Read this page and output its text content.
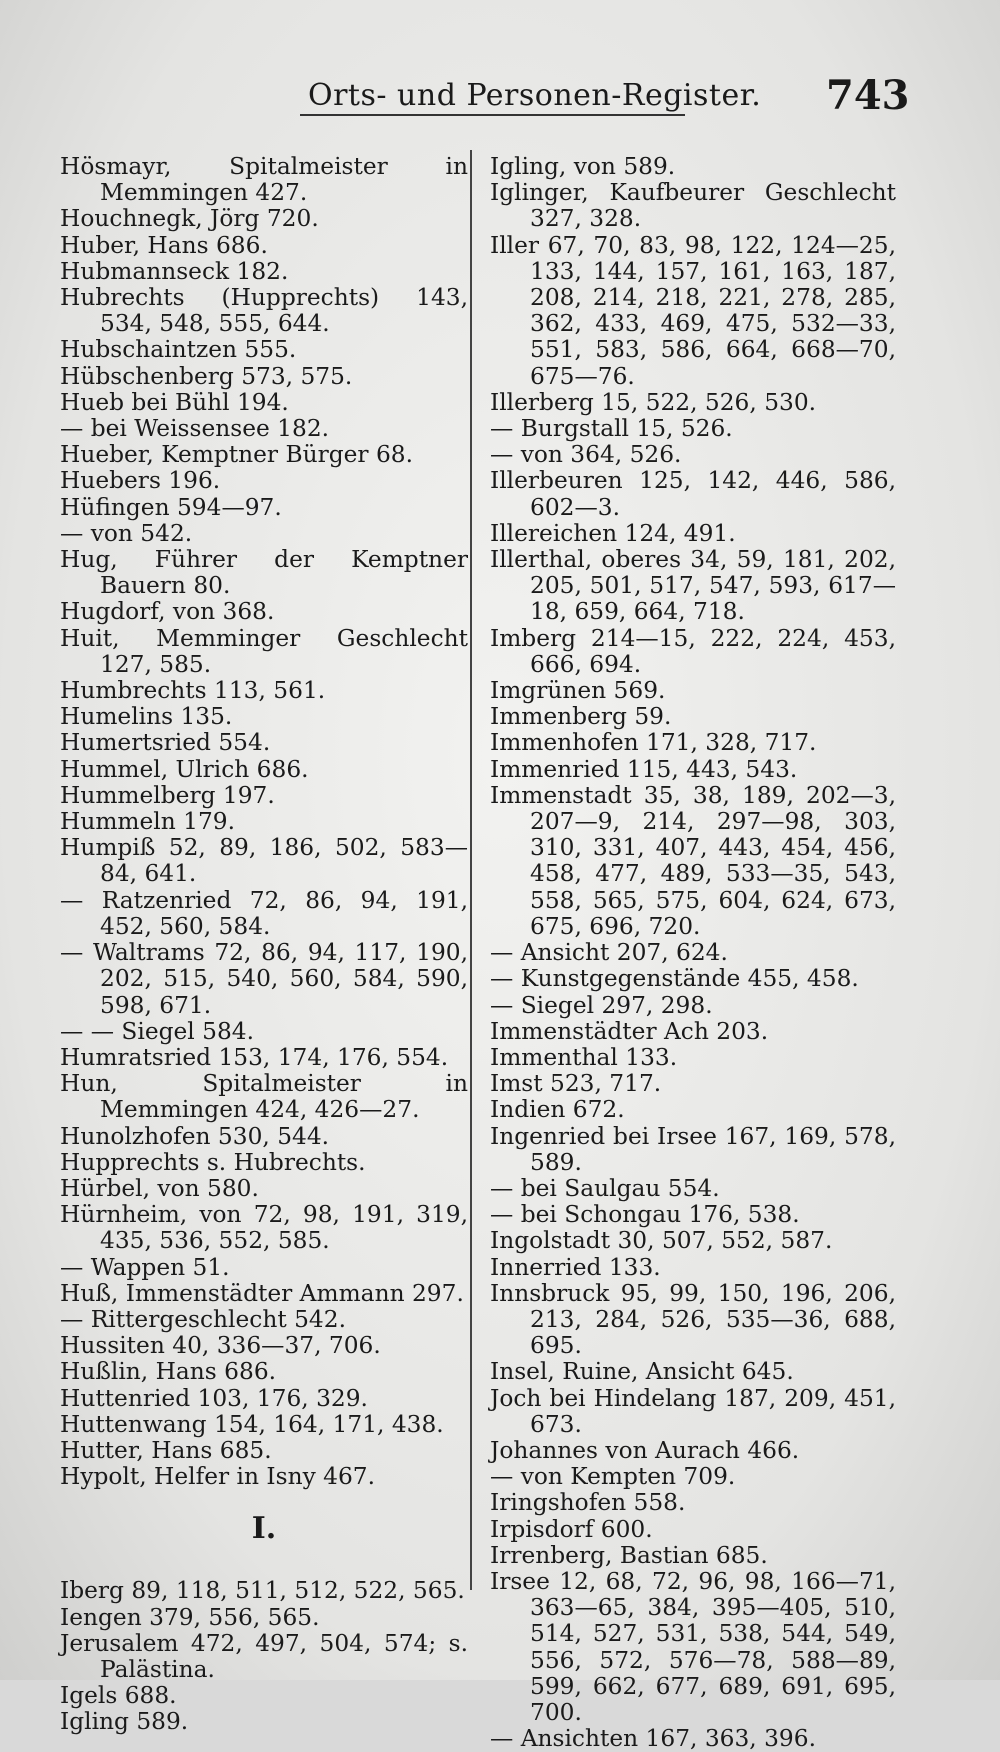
Orts- und Personen-Register. 743

Hösmayr, Spitalmeister in Memmingen 427.

Houchnegk, Jörg 720.

Huber, Hans 686.

Hubmannseck 182.

Hubrechts (Hupprechts) 143, 534, 548, 555, 644.

Hubschaintzen 555.

Hübschenberg 573, 575.

Hueb bei Bühl 194.

— bei Weissensee 182.

Hueber, Kemptner Bürger 68.

Huebers 196.

Hüfingen 594—97.

— von 542.

Hug, Führer der Kemptner Bauern 80.

Hugdorf, von 368.

Huit, Memminger Geschlecht 127, 585.

Humbrechts 113, 561.

Humelins 135.

Humertsried 554.

Hummel, Ulrich 686.

Hummelberg 197.

Hummeln 179.

Humpiß 52, 89, 186, 502, 583—84, 641.

— Ratzenried 72, 86, 94, 191, 452, 560, 584.

— Waltrams 72, 86, 94, 117, 190, 202, 515, 540, 560, 584, 590, 598, 671.

— — Siegel 584.

Humratsried 153, 174, 176, 554.

Hun, Spitalmeister in Memmingen 424, 426—27.

Hunolzhofen 530, 544.

Hupprechts s. Hubrechts.

Hürbel, von 580.

Hürnheim, von 72, 98, 191, 319, 435, 536, 552, 585.

— Wappen 51.

Huß, Immenstädter Ammann 297.

— Rittergeschlecht 542.

Hussiten 40, 336—37, 706.

Hußlin, Hans 686.

Huttenried 103, 176, 329.

Huttenwang 154, 164, 171, 438.

Hutter, Hans 685.

Hypolt, Helfer in Isny 467.

I.

Iberg 89, 118, 511, 512, 522, 565.

Iengen 379, 556, 565.

Jerusalem 472, 497, 504, 574; s. Palästina.

Igels 688.

Igling 589.

Igling, von 589.

Iglinger, Kaufbeurer Geschlecht 327, 328.

Iller 67, 70, 83, 98, 122, 124—25, 133, 144, 157, 161, 163, 187, 208, 214, 218, 221, 278, 285, 362, 433, 469, 475, 532—33, 551, 583, 586, 664, 668—70, 675—76.

Illerberg 15, 522, 526, 530.

— Burgstall 15, 526.

— von 364, 526.

Illerbeuren 125, 142, 446, 586, 602—3.

Illereichen 124, 491.

Illerthal, oberes 34, 59, 181, 202, 205, 501, 517, 547, 593, 617—18, 659, 664, 718.

Imberg 214—15, 222, 224, 453, 666, 694.

Imgrünen 569.

Immenberg 59.

Immenhofen 171, 328, 717.

Immenried 115, 443, 543.

Immenstadt 35, 38, 189, 202—3, 207—9, 214, 297—98, 303, 310, 331, 407, 443, 454, 456, 458, 477, 489, 533—35, 543, 558, 565, 575, 604, 624, 673, 675, 696, 720.

— Ansicht 207, 624.

— Kunstgegenstände 455, 458.

— Siegel 297, 298.

Immenstädter Ach 203.

Immenthal 133.

Imst 523, 717.

Indien 672.

Ingenried bei Irsee 167, 169, 578, 589.

— bei Saulgau 554.

— bei Schongau 176, 538.

Ingolstadt 30, 507, 552, 587.

Innerried 133.

Innsbruck 95, 99, 150, 196, 206, 213, 284, 526, 535—36, 688, 695.

Insel, Ruine, Ansicht 645.

Joch bei Hindelang 187, 209, 451, 673.

Johannes von Aurach 466.

— von Kempten 709.

Iringshofen 558.

Irpisdorf 600.

Irrenberg, Bastian 685.

Irsee 12, 68, 72, 96, 98, 166—71, 363—65, 384, 395—405, 510, 514, 527, 531, 538, 544, 549, 556, 572, 576—78, 588—89, 599, 662, 677, 689, 691, 695, 700.

— Ansichten 167, 363, 396.
